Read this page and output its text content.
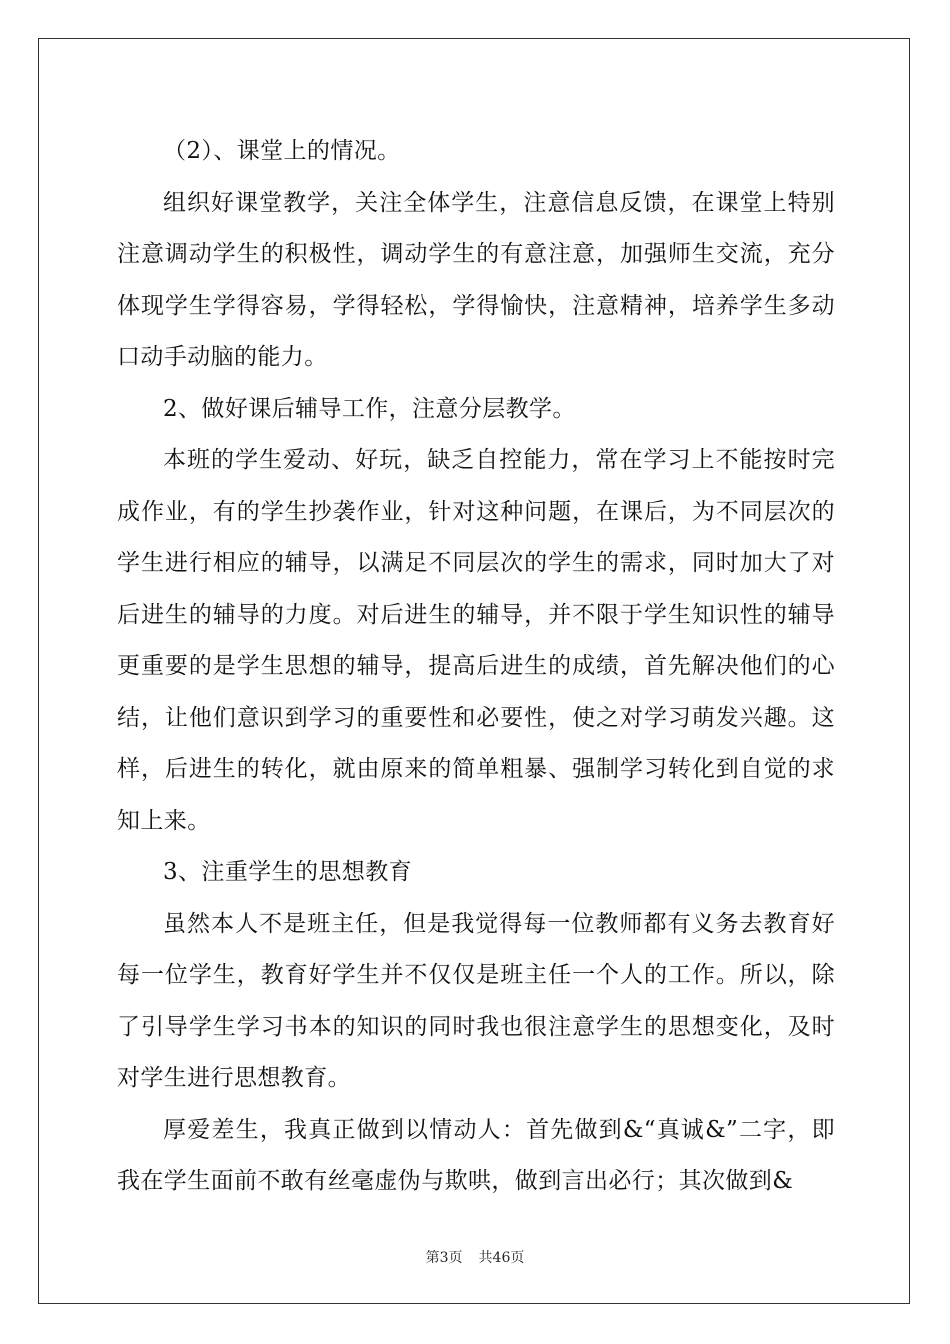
（2）、课堂上的情况。

组织好课堂教学，关注全体学生，注意信息反馈，在课堂上特别注意调动学生的积极性，调动学生的有意注意，加强师生交流，充分体现学生学得容易，学得轻松，学得愉快，注意精神，培养学生多动口动手动脑的能力。

2、做好课后辅导工作，注意分层教学。

本班的学生爱动、好玩，缺乏自控能力，常在学习上不能按时完成作业，有的学生抄袭作业，针对这种问题，在课后，为不同层次的学生进行相应的辅导，以满足不同层次的学生的需求，同时加大了对后进生的辅导的力度。对后进生的辅导，并不限于学生知识性的辅导更重要的是学生思想的辅导，提高后进生的成绩，首先解决他们的心结，让他们意识到学习的重要性和必要性，使之对学习萌发兴趣。这样，后进生的转化，就由原来的简单粗暴、强制学习转化到自觉的求知上来。

3、注重学生的思想教育

虽然本人不是班主任，但是我觉得每一位教师都有义务去教育好每一位学生，教育好学生并不仅仅是班主任一个人的工作。所以，除了引导学生学习书本的知识的同时我也很注意学生的思想变化，及时对学生进行思想教育。

厚爱差生，我真正做到以情动人：首先做到&“真诚&”二字，即我在学生面前不敢有丝毫虚伪与欺哄，做到言出必行；其次做到&

第3页 共46页
